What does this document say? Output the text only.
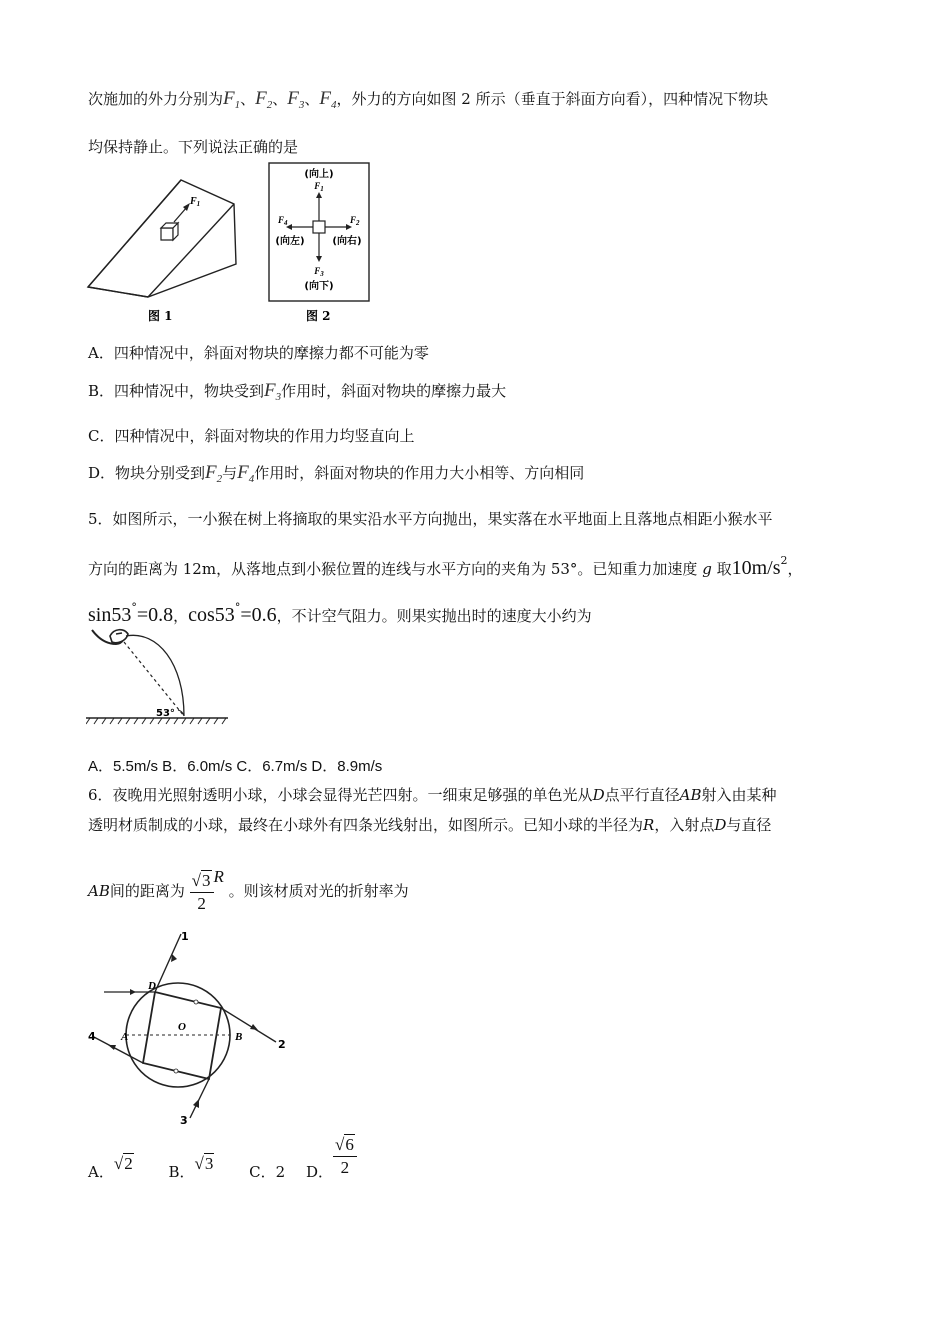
次施加的外力分别为$F_1$、$F_2$、$F_3$、$F_4$，外力的方向如图 2 所示（垂直于斜面方向看），四种情况下物块
均保持静止。下列说法正确的是
$F_1$
图 1
(向上)
$F_1$
$F_2$
(向右)
$F_4$
(向左)
$F_3$
(向下)
图 2
A．四种情况中，斜面对物块的摩擦力都不可能为零
B．四种情况中，物块受到$F_3$作用时，斜面对物块的摩擦力最大
C．四种情况中，斜面对物块的作用力均竖直向上
D．物块分别受到$F_2$与$F_4$作用时，斜面对物块的作用力大小相等、方向相同
5．如图所示，一小猴在树上将摘取的果实沿水平方向抛出，果实落在水平地面上且落地点相距小猴水平
方向的距离为 12m，从落地点到小猴位置的连线与水平方向的夹角为 53°。已知重力加速度 g 取$10m/s^2$，
sin53°=0.8，cos53°=0.6，不计空气阻力。则果实抛出时的速度大小约为
53°
A．5.5m/s B．6.0m/s C．6.7m/s D．8.9m/s
6．夜晚用光照射透明小球，小球会显得光芒四射。一细束足够强的单色光从D点平行直径AB射入由某种
透明材质制成的小球，最终在小球外有四条光线射出，如图所示。已知小球的半径为R，入射点D与直径
AB间的距离为 $\frac{√3}{2}$ R 。则该材质对光的折射率为
1
2
3
4
D
A
O
B
A．√2 B．√3 C．2 D． $\frac{√6}{2}$
